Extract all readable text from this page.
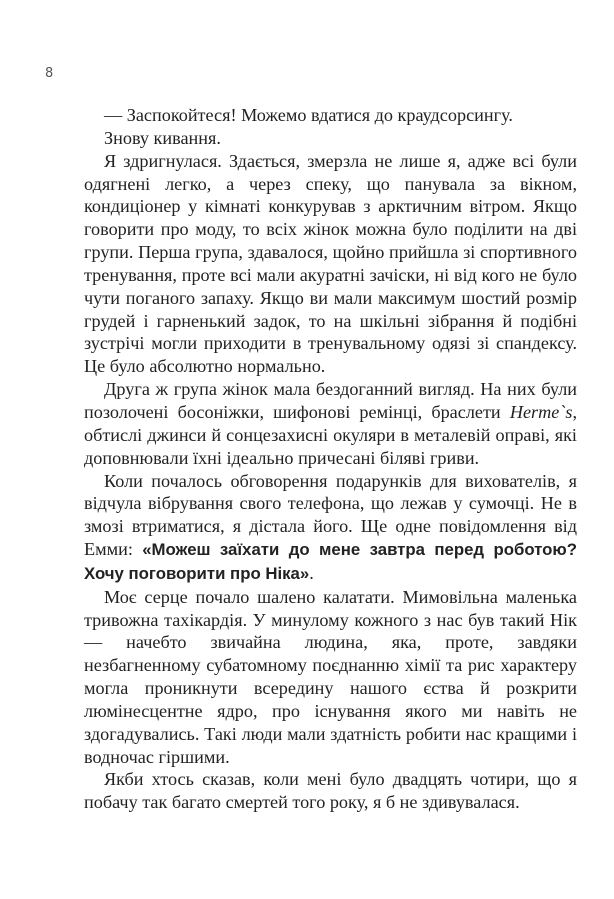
8

— Заспокойтеся! Можемо вдатися до краудсорсингу.

Знову кивання.

Я здригнулася. Здається, змерзла не лише я, адже всі були одягнені легко, а через спеку, що панувала за вікном, кондиціонер у кімнаті конкурував з арктичним вітром. Якщо говорити про моду, то всіх жінок можна було поділити на дві групи. Перша група, здавалося, щойно прийшла зі спортивного тренування, проте всі мали акуратні зачіски, ні від кого не було чути поганого запаху. Якщо ви мали максимум шостий розмір грудей і гарненький задок, то на шкільні зібрання й подібні зустрічі могли приходити в тренувальному одязі зі спандексу. Це було абсолютно нормально.

Друга ж група жінок мала бездоганний вигляд. На них були позолочені босоніжки, шифонові ремінці, браслети Herme`s, обтислі джинси й сонцезахисні окуляри в металевій оправі, які доповнювали їхні ідеально причесані біляві гриви.

Коли почалось обговорення подарунків для вихователів, я відчула вібрування свого телефона, що лежав у сумочці. Не в змозі втриматися, я дістала його. Ще одне повідомлення від Емми: «Можеш заїхати до мене завтра перед роботою? Хочу поговорити про Ніка».

Моє серце почало шалено калатати. Мимовільна маленька тривожна тахікардія. У минулому кожного з нас був такий Нік — начебто звичайна людина, яка, проте, завдяки незбагненному субатомному поєднанню хімії та рис характеру могла проникнути всередину нашого єства й розкрити люмінесцентне ядро, про існування якого ми навіть не здогадувались. Такі люди мали здатність робити нас кращими і водночас гіршими.

Якби хтось сказав, коли мені було двадцять чотири, що я побачу так багато смертей того року, я б не здивувалася.
